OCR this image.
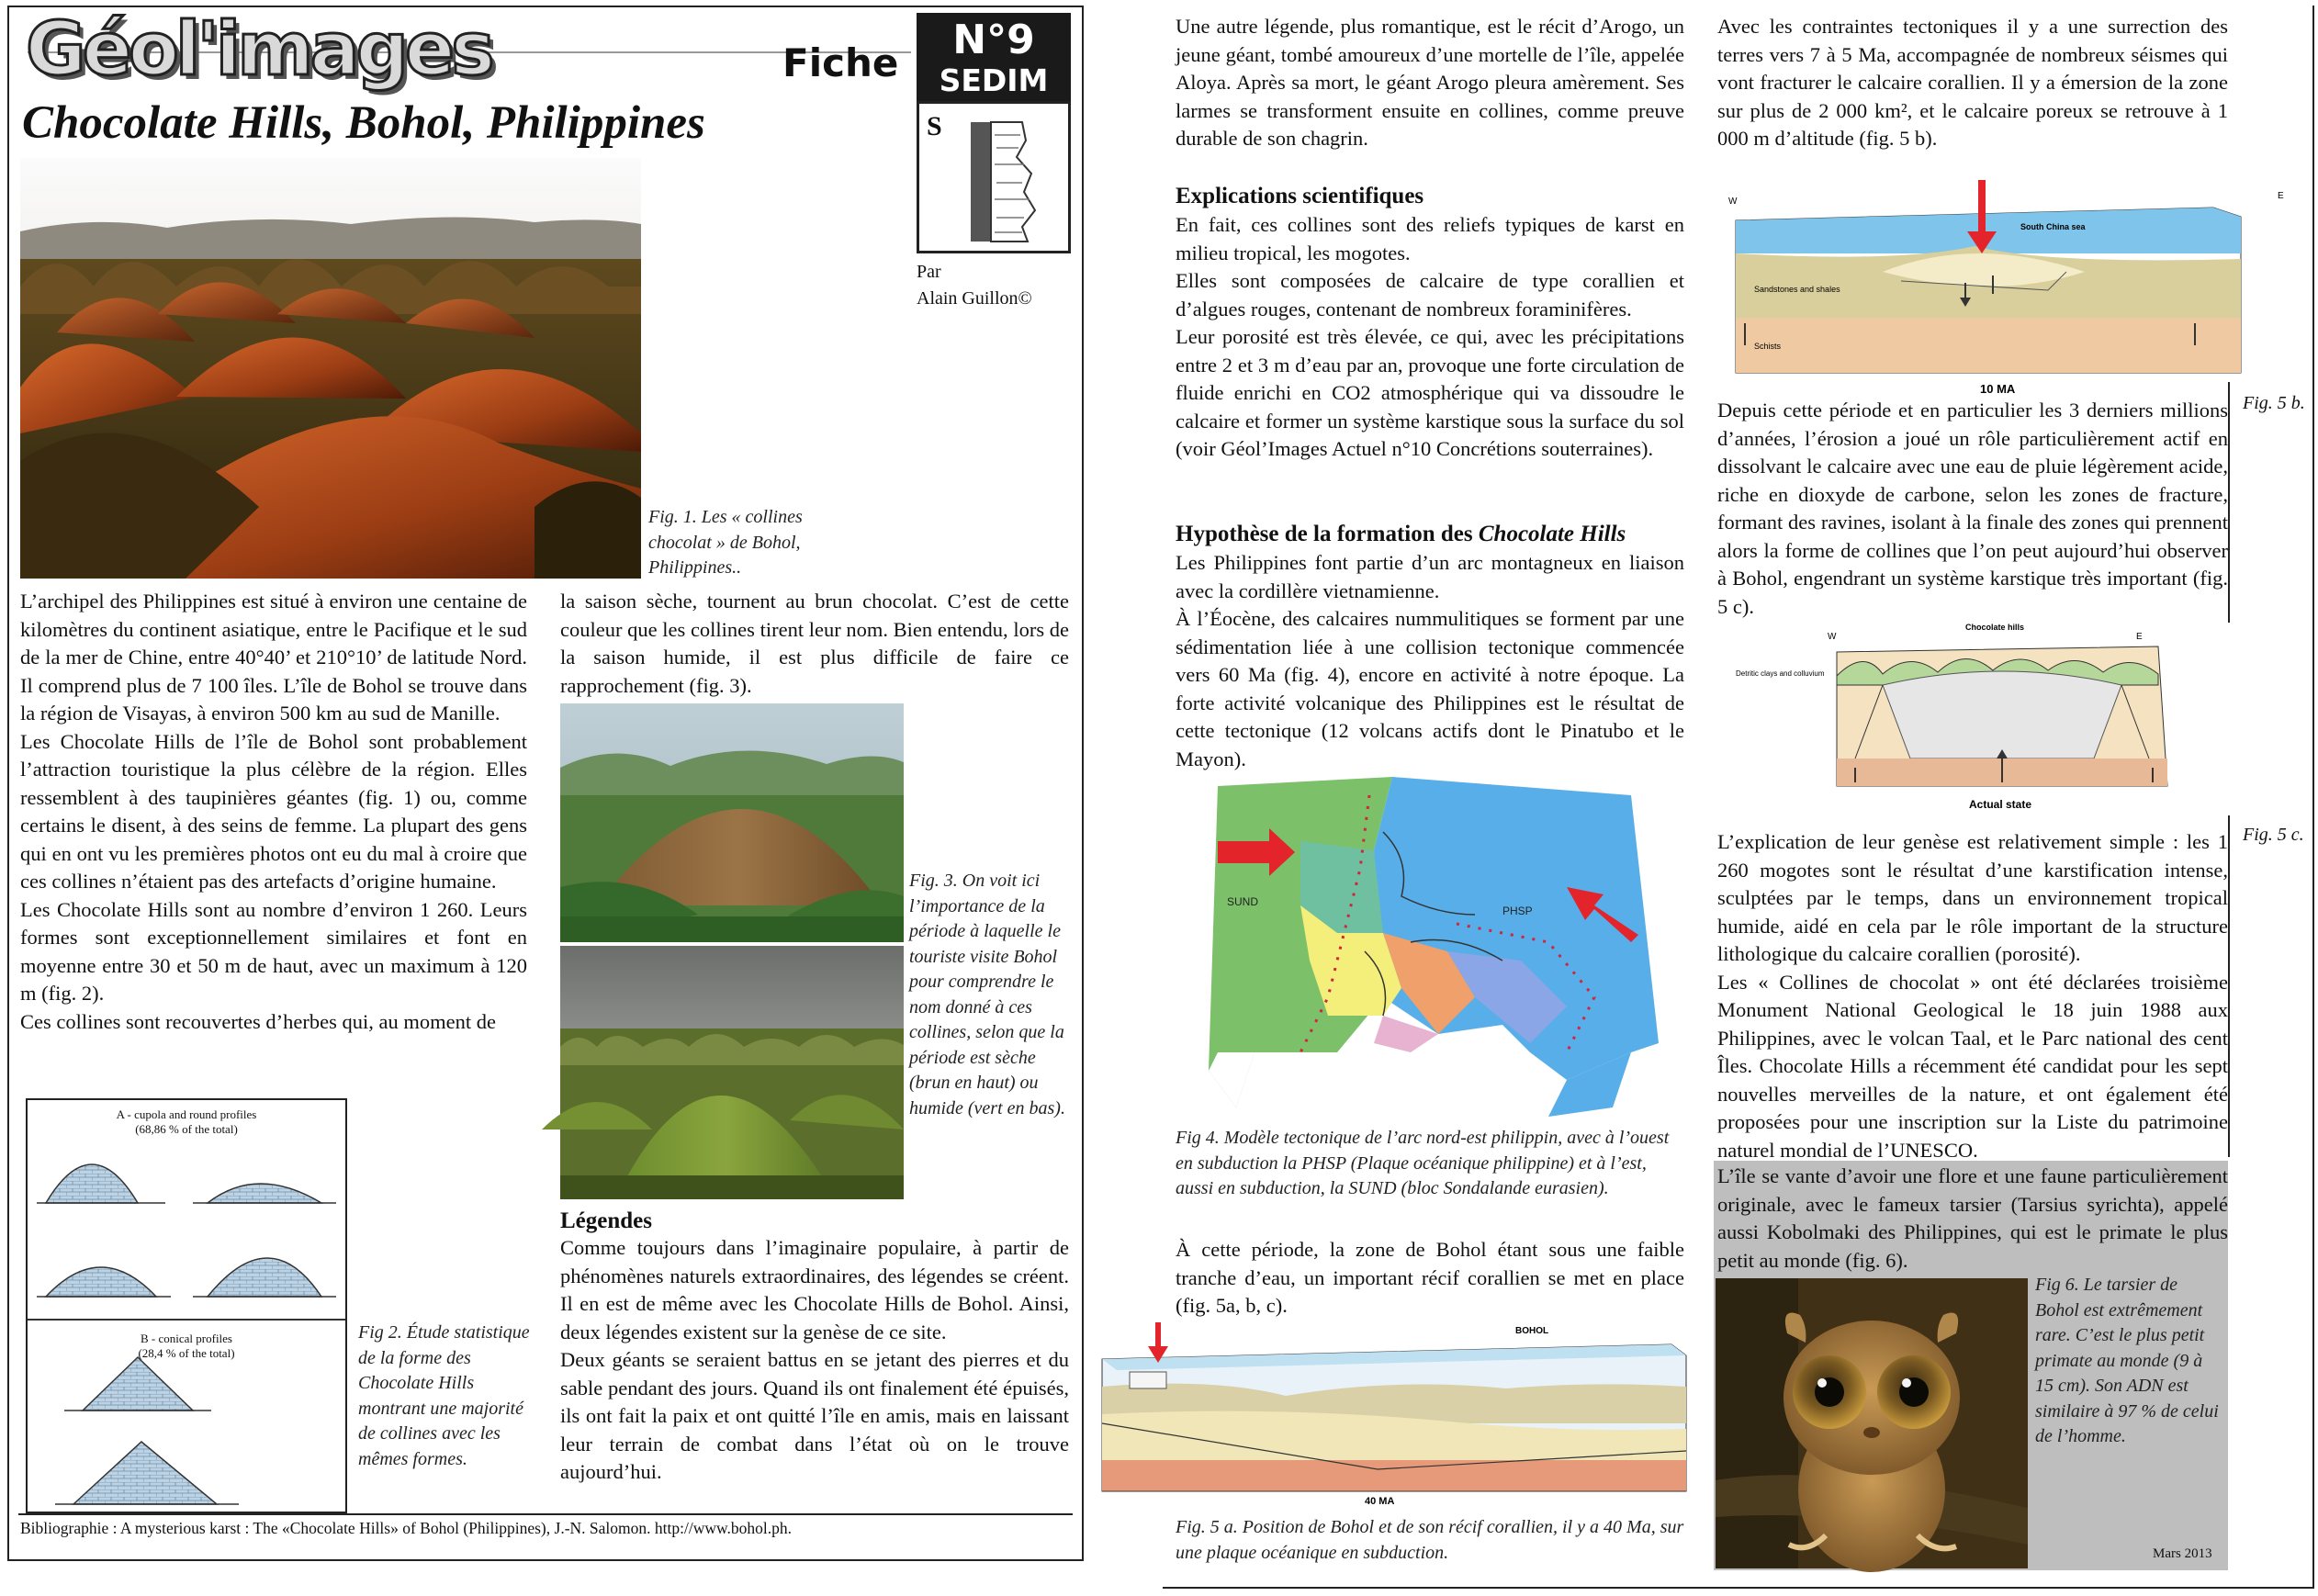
Géol'images	Fiche	N°9
SEDIM
S
Par
Alain Guillon©
Chocolate Hills, Bohol, Philippines
Fig. 1. Les « collines chocolat » de Bohol, Philippines..

L’archipel des Philippines est situé à environ une centaine de kilomètres du continent asiatique, entre le Pacifique et le sud de la mer de Chine, entre 40°40’ et 210°10’ de latitude Nord. Il comprend plus de 7 100 îles. L’île de Bohol se trouve dans la région de Visayas, à environ 500 km au sud de Manille.

Les Chocolate Hills de l’île de Bohol sont probablement l’attraction touristique la plus célèbre de la région. Elles ressemblent à des taupinières géantes (fig. 1) ou, comme certains le disent, à des seins de femme. La plupart des gens qui en ont vu les premières photos ont eu du mal à croire que ces collines n’étaient pas des artefacts d’origine humaine.

Les Chocolate Hills sont au nombre d’environ 1 260. Leurs formes sont exceptionnellement similaires et font en moyenne entre 30 et 50 m de haut, avec un maximum à 120 m (fig. 2).

Ces collines sont recouvertes d’herbes qui, au moment de

A - cupola and round profiles
(68,86 % of the total)
B - conical profiles
(28,4 % of the total)
Fig 2. Étude statistique de la forme des Chocolate Hills montrant une majorité de collines avec les mêmes formes.
la saison sèche, tournent au brun chocolat. C’est de cette couleur que les collines tirent leur nom. Bien entendu, lors de la saison humide, il est plus difficile de faire ce rapprochement (fig. 3).
Fig. 3. On voit ici l’importance de la période à laquelle le touriste visite Bohol pour comprendre le nom donné à ces collines, selon que la période est sèche (brun en haut) ou humide (vert en bas).
Légendes

Comme toujours dans l’imaginaire populaire, à partir de phénomènes naturels extraordinaires, des légendes se créent. Il en est de même avec les Chocolate Hills de Bohol. Ainsi, deux légendes existent sur la genèse de ce site.

Deux géants se seraient battus en se jetant des pierres et du sable pendant des jours. Quand ils ont finalement été épuisés, ils ont fait la paix et ont quitté l’île en amis, mais en laissant leur terrain de combat dans l’état où on le trouve aujourd’hui.

Bibliographie : A mysterious karst : The «Chocolate Hills» of Bohol (Philippines), J.-N. Salomon. http://www.bohol.ph.
Une autre légende, plus romantique, est le récit d’Arogo, un jeune géant, tombé amoureux d’une mortelle de l’île, appelée Aloya. Après sa mort, le géant Arogo pleura amèrement. Ses larmes se transforment ensuite en collines, comme preuve durable de son chagrin.
Explications scientifiques

En fait, ces collines sont des reliefs typiques de karst en milieu tropical, les mogotes.

Elles sont composées de calcaire de type corallien et d’algues rouges, contenant de nombreux foraminifères.

Leur porosité est très élevée, ce qui, avec les précipitations entre 2 et 3 m d’eau par an, provoque une forte circulation de fluide enrichi en CO2 atmosphérique qui va dissoudre le calcaire et former un système karstique sous la surface du sol (voir Géol’Images Actuel n°10 Concrétions souterraines).

Hypothèse de la formation des Chocolate Hills

Les Philippines font partie d’un arc montagneux en liaison avec la cordillère vietnamienne.

À l’Éocène, des calcaires nummulitiques se forment par une sédimentation liée à une collision tectonique commencée vers 60 Ma (fig. 4), encore en activité à notre époque. La forte activité volcanique des Philippines est le résultat de cette tectonique (12 volcans actifs dont le Pinatubo et le Mayon).

SUND
PHSP
Fig 4. Modèle tectonique de l’arc nord-est philippin, avec à l’ouest en subduction la PHSP (Plaque océanique philippine) et à l’est, aussi en subduction, la SUND (bloc Sondalande eurasien).
À cette période, la zone de Bohol étant sous une faible tranche d’eau, un important récif corallien se met en place (fig. 5a, b, c).
BOHOL
40 MA
Fig. 5 a. Position de Bohol et de son récif corallien, il y a 40 Ma, sur une plaque océanique en subduction.
Avec les contraintes tectoniques il y a une surrection des terres vers 7 à 5 Ma, accompagnée de nombreux séismes qui vont fracturer le calcaire corallien. Il y a émersion de la zone sur plus de 2 000 km², et le calcaire poreux se retrouve à 1 000 m d’altitude (fig. 5 b).
W
E
South China sea
Sandstones and shales
Schists
10 MA
Fig. 5 b.
Depuis cette période et en particulier les 3 derniers millions d’années, l’érosion a joué un rôle particulièrement actif en dissolvant le calcaire avec une eau de pluie légèrement acide, riche en dioxyde de carbone, selon les zones de fracture, formant des ravines, isolant à la finale des zones qui prennent alors la forme de collines que l’on peut aujourd’hui observer à Bohol, engendrant un système karstique très important (fig. 5 c).
W	E
Chocolate hills
Detritic clays and colluvium
Actual state
Fig. 5 c.

L’explication de leur genèse est relativement simple : les 1 260 mogotes sont le résultat d’une karstification intense, sculptées par le temps, dans un environnement tropical humide, aidé en cela par le rôle important de la structure lithologique du calcaire corallien (porosité).

Les « Collines de chocolat » ont été déclarées troisième Monument National Geological le 18 juin 1988 aux Philippines, avec le volcan Taal, et le Parc national des cent Îles. Chocolate Hills a récemment été candidat pour les sept nouvelles merveilles de la nature, et ont également été proposées pour une inscription sur la Liste du patrimoine naturel mondial de l’UNESCO.

L’île se vante d’avoir une flore et une faune particulièrement originale, avec le fameux tarsier (Tarsius syrichta), appelé aussi Kobolmaki des Philippines, qui est le primate le plus petit au monde (fig. 6).
Fig 6. Le tarsier de Bohol est extrêmement rare. C’est le plus petit primate au monde (9 à 15 cm). Son ADN est similaire à 97 % de celui de l’homme.
Mars 2013
